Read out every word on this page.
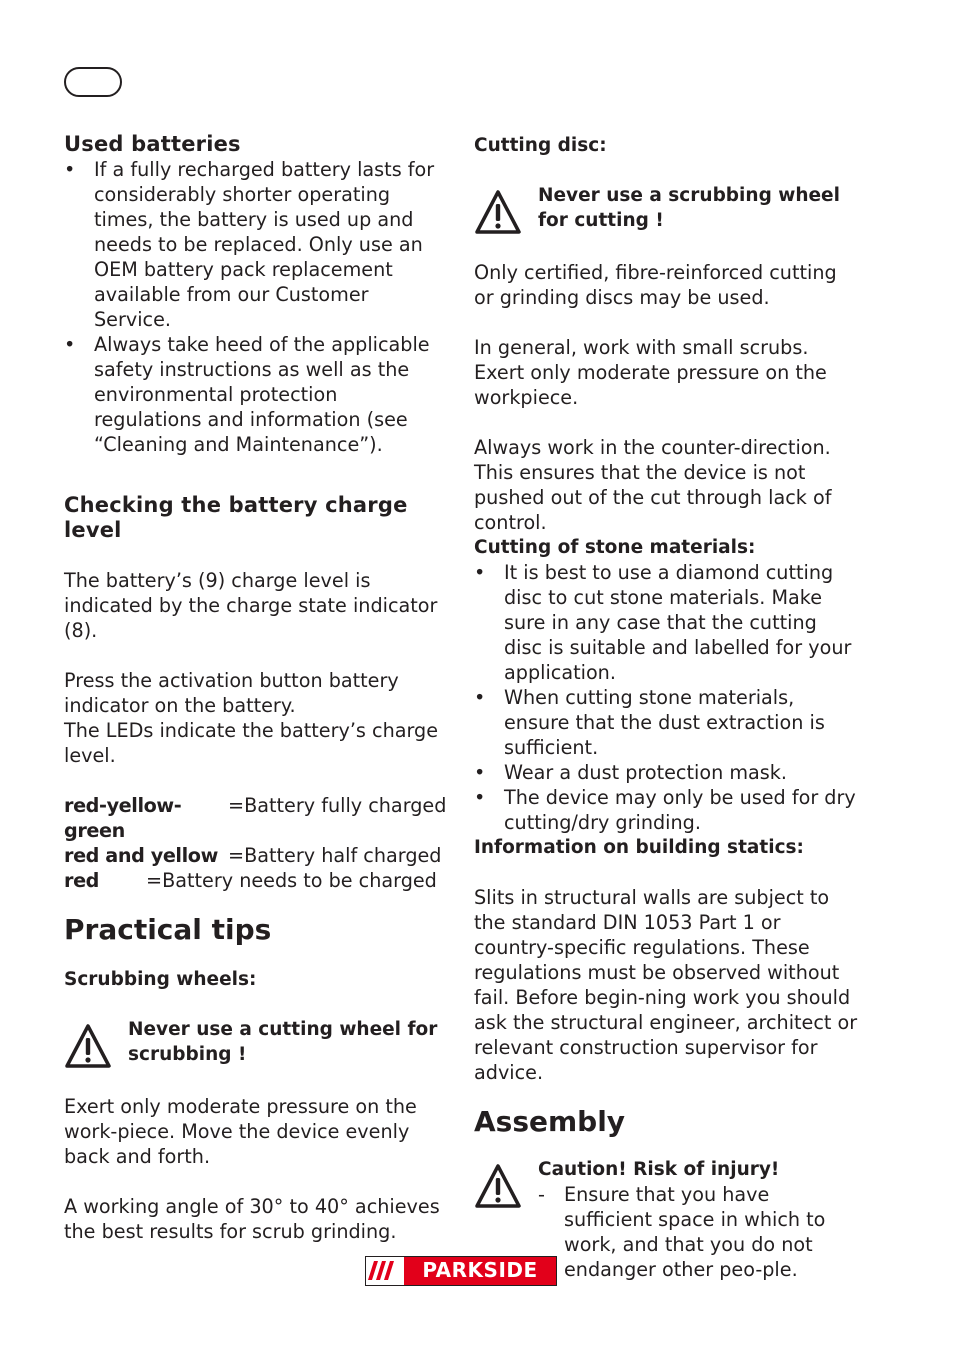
Used batteries
• If a fully recharged battery lasts for considerably shorter operating times, the battery is used up and needs to be replaced. Only use an OEM battery pack replacement available from our Customer Service.
• Always take heed of the applicable safety instructions as well as the environmental protection regulations and information (see “Cleaning and Maintenance”).
Checking the battery charge level

The battery’s (9) charge level is indicated by the charge state indicator (8).

Press the activation button battery indicator on the battery.

The LEDs indicate the battery’s charge level.

red-yellow-green
=Battery fully charged
red and yellow =Battery half charged
red	=Battery needs to be charged
Practical tips

Scrubbing wheels:

Never use a cutting wheel for scrubbing !

Exert only moderate pressure on the work-piece. Move the device evenly back and forth.

A working angle of 30° to 40° achieves the best results for scrub grinding.

Cutting disc:

Never use a scrubbing wheel for cutting !

Only certified, fibre-reinforced cutting or grinding discs may be used.

In general, work with small scrubs. Exert only moderate pressure on the workpiece.

Always work in the counter-direction. This ensures that the device is not pushed out of the cut through lack of control.

Cutting of stone materials:

• It is best to use a diamond cutting disc to cut stone materials. Make sure in any case that the cutting disc is suitable and labelled for your application.
• When cutting stone materials, ensure that the dust extraction is sufficient.
• Wear a dust protection mask.
• The device may only be used for dry cutting/dry grinding.

Information on building statics:

Slits in structural walls are subject to the standard DIN 1053 Part 1 or country-specific regulations. These regulations must be observed without fail. Before begin-ning work you should ask the structural engineer, architect or relevant construction supervisor for advice.

Assembly
Caution! Risk of injury!
- Ensure that you have sufficient space in which to work, and that you do not endanger other peo-ple.
PARKSIDE
